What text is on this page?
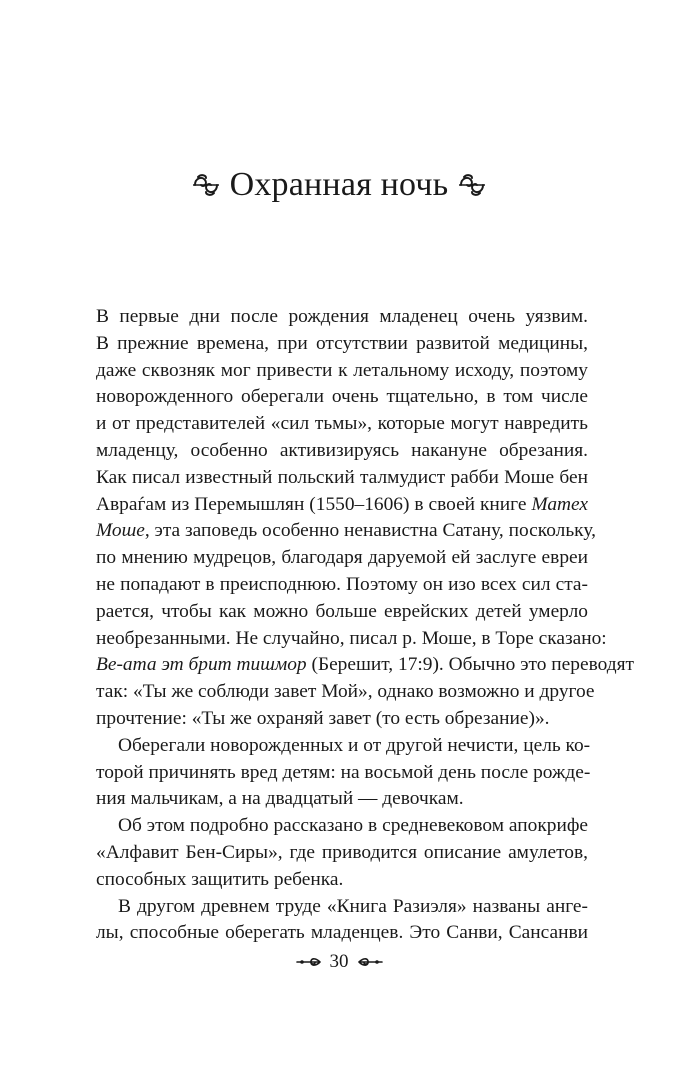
Охранная ночь
В первые дни после рождения младенец очень уязвим.
В прежние времена, при отсутствии развитой медицины,
даже сквозняк мог привести к летальному исходу, поэтому
новорожденного оберегали очень тщательно, в том числе
и от представителей «сил тьмы», которые могут навредить
младенцу, особенно активизируясь накануне обрезания.
Как писал известный польский талмудист рабби Моше бен
Авраѓам из Перемышлян (1550–1606) в своей книге Матех
Моше, эта заповедь особенно ненавистна Сатану, поскольку,
по мнению мудрецов, благодаря даруемой ей заслуге евреи
не попадают в преисподнюю. Поэтому он изо всех сил ста-
рается, чтобы как можно больше еврейских детей умерло
необрезанными. Не случайно, писал р. Моше, в Торе сказано:
Ве-ата эт брит тишмор (Берешит, 17:9). Обычно это переводят
так: «Ты же соблюди завет Мой», однако возможно и другое
прочтение: «Ты же охраняй завет (то есть обрезание)».
Оберегали новорожденных и от другой нечисти, цель ко-
торой причинять вред детям: на восьмой день после рожде-
ния мальчикам, а на двадцатый — девочкам.
Об этом подробно рассказано в средневековом апокрифе
«Алфавит Бен-Сиры», где приводится описание амулетов,
способных защитить ребенка.
В другом древнем труде «Книга Разиэля» названы анге-
лы, способные оберегать младенцев. Это Санви, Сансанви
30
